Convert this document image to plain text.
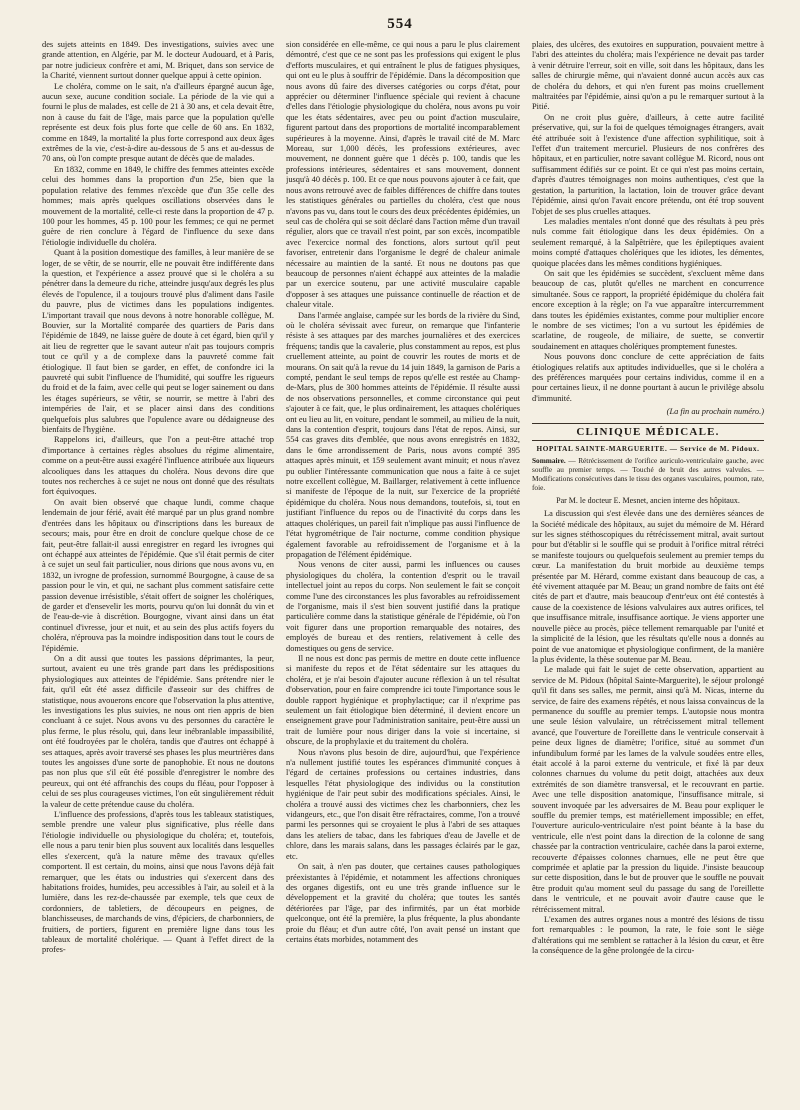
554

des sujets atteints en 1849. Des investigations, suivies avec une grande attention, en Algérie, par M. le docteur Audouard, et à Paris, par notre judicieux confrère et ami, M. Briquet, dans son service de la Charité, viennent surtout donner quelque appui à cette opinion.

Le choléra, comme on le sait, n'a d'ailleurs épargné aucun âge, aucun sexe, aucune condition sociale. La période de la vie qui a fourni le plus de malades, est celle de 21 à 30 ans, et cela devait être, non à cause du fait de l'âge, mais parce que la population qu'elle représente est deux fois plus forte que celle de 60 ans. En 1832, comme en 1849, la mortalité la plus forte correspond aux deux âges extrêmes de la vie, c'est-à-dire au-dessous de 5 ans et au-dessus de 70 ans, où l'on compte presque autant de décès que de malades.

En 1832, comme en 1849, le chiffre des femmes atteintes excède celui des hommes dans la proportion d'un 25e, bien que la population relative des femmes n'excède que d'un 35e celle des hommes; mais après quelques oscillations observées dans le mouvement de la mortalité, celle-ci reste dans la proportion de 47 p. 100 pour les hommes, 45 p. 100 pour les femmes; ce qui ne permet guère de rien conclure à l'égard de l'influence du sexe dans l'étiologie individuelle du choléra.

Quant à la position domestique des familles, à leur manière de se loger, de se vêtir, de se nourrir, elle ne pouvait être indifférente dans la question, et l'expérience a assez prouvé que si le choléra a su pénétrer dans la demeure du riche, atteindre jusqu'aux degrés les plus élevés de l'opulence, il a toujours trouvé plus d'aliment dans l'asile du pauvre, plus de victimes dans les populations indigentes. L'important travail que nous devons à notre honorable collègue, M. Bouvier, sur la Mortalité comparée des quartiers de Paris dans l'épidémie de 1849, ne laisse guère de doute à cet égard, bien qu'il y ait lieu de regretter que le savant auteur n'ait pas toujours compris tout ce qu'il y a de complexe dans la pauvreté comme fait étiologique. Il faut bien se garder, en effet, de confondre ici la pauvreté qui subit l'influence de l'humidité, qui souffre les rigueurs du froid et de la faim, avec celle qui peut se loger sainement ou dans les étages supérieurs, se vêtir, se nourrir, se mettre à l'abri des intempéries de l'air, et se placer ainsi dans des conditions quelquefois plus salubres que l'opulence avare ou dédaigneuse des bienfaits de l'hygiène.

Rappelons ici, d'ailleurs, que l'on a peut-être attaché trop d'importance à certaines règles absolues du régime alimentaire, comme on a peut-être aussi exagéré l'influence attribuée aux liqueurs alcooliques dans les attaques du choléra. Nous devons dire que toutes nos recherches à ce sujet ne nous ont donné que des résultats fort équivoques.

On avait bien observé que chaque lundi, comme chaque lendemain de jour férié, avait été marqué par un plus grand nombre d'entrées dans les hôpitaux ou d'inscriptions dans les bureaux de secours; mais, pour être en droit de conclure quelque chose de ce fait, peut-être fallait-il aussi enregistrer en regard les ivrognes qui ont échappé aux atteintes de l'épidémie. Que s'il était permis de citer à ce sujet un seul fait particulier, nous dirions que nous avons vu, en 1832, un ivrogne de profession, surnommé Bourgogne, à cause de sa passion pour le vin, et qui, ne sachant plus comment satisfaire cette passion devenue irrésistible, s'était offert de soigner les cholériques, de garder et d'ensevelir les morts, pourvu qu'on lui donnât du vin et de l'eau-de-vie à discrétion. Bourgogne, vivant ainsi dans un état continuel d'ivresse, jour et nuit, et au sein des plus actifs foyers du choléra, n'éprouva pas la moindre indisposition dans tout le cours de l'épidémie.

On a dit aussi que toutes les passions déprimantes, la peur, surtout, avaient eu une très grande part dans les prédispositions physiologiques aux atteintes de l'épidémie. Sans prétendre nier le fait, qu'il eût été assez difficile d'asseoir sur des chiffres de statistique, nous avouerons encore que l'observation la plus attentive, les investigations les plus suivies, ne nous ont rien appris de bien concluant à ce sujet. Nous avons vu des personnes du caractère le plus ferme, le plus résolu, qui, dans leur inébranlable impassibilité, ont été foudroyées par le choléra, tandis que d'autres ont échappé à ses attaques, après avoir traversé ses phases les plus meurtrières dans toutes les angoisses d'une sorte de panophobie. Et nous ne doutons pas non plus que s'il eût été possible d'enregistrer le nombre des peureux, qui ont été affranchis des coups du fléau, pour l'opposer à celui de ses plus courageuses victimes, l'on eût singulièrement réduit la valeur de cette prétendue cause du choléra.

L'influence des professions, d'après tous les tableaux statistiques, semble prendre une valeur plus significative, plus réelle dans l'étiologie individuelle ou physiologique du choléra; et, toutefois, elle nous a paru tenir bien plus souvent aux localités dans lesquelles elles s'exercent, qu'à la nature même des travaux qu'elles comportent. Il est certain, du moins, ainsi que nous l'avons déjà fait remarquer, que les états ou industries qui s'exercent dans des habitations froides, humides, peu accessibles à l'air, au soleil et à la lumière, dans les rez-de-chaussée par exemple, tels que ceux de cordonniers, de tabletiers, de découpeurs en peignes, de blanchisseuses, de marchands de vins, d'épiciers, de charbonniers, de fruitiers, de portiers, figurent en première ligne dans tous les tableaux de mortalité cholérique. — Quant à l'effet direct de la profes-

sion considérée en elle-même, ce qui nous a paru le plus clairement démontré, c'est que ce ne sont pas les professions qui exigent le plus d'efforts musculaires, et qui entraînent le plus de fatigues physiques, qui ont eu le plus à souffrir de l'épidémie. Dans la décomposition que nous avons dû faire des diverses catégories ou corps d'état, pour apprécier ou déterminer l'influence spéciale qui revient à chacune d'elles dans l'étiologie physiologique du choléra, nous avons pu voir que les états sédentaires, avec peu ou point d'action musculaire, figurent partout dans des proportions de mortalité incomparablement supérieures à la moyenne. Ainsi, d'après le travail cité de M. Marc Moreau, sur 1,000 décès, les professions extérieures, avec mouvement, ne donnent guère que 1 décès p. 100, tandis que les professions intérieures, sédentaires et sans mouvement, donnent jusqu'à 40 décès p. 100. Et ce que nous pouvons ajouter à ce fait, que nous avons retrouvé avec de faibles différences de chiffre dans toutes les statistiques générales ou partielles du choléra, c'est que nous n'avons pas vu, dans tout le cours des deux précédentes épidémies, un seul cas de choléra qui se soit déclaré dans l'action même d'un travail régulier, alors que ce travail n'est point, par son excès, incompatible avec l'exercice normal des fonctions, alors surtout qu'il peut favoriser, entretenir dans l'organisme le degré de chaleur animale nécessaire au maintien de la santé. Et nous ne doutons pas que beaucoup de personnes n'aient échappé aux atteintes de la maladie par un exercice soutenu, par une activité musculaire capable d'opposer à ses attaques une puissance continuelle de réaction et de chaleur vitale.

Dans l'armée anglaise, campée sur les bords de la rivière du Sind, où le choléra sévissait avec fureur, on remarque que l'infanterie résiste à ses attaques par des marches journalières et des exercices fréquens; tandis que la cavalerie, plus constamment au repos, est plus cruellement atteinte, au point de couvrir les routes de morts et de mourans. On sait qu'à la revue du 14 juin 1849, la garnison de Paris a compté, pendant le seul temps de repos qu'elle est restée au Champ-de-Mars, plus de 300 hommes atteints de l'épidémie. Il résulte aussi de nos observations personnelles, et comme circonstance qui peut s'ajouter à ce fait, que, le plus ordinairement, les attaques cholériques ont eu lieu au lit, en voiture, pendant le sommeil, au milieu de la nuit, dans la contention d'esprit, toujours dans l'état de repos. Ainsi, sur 554 cas graves dits d'emblée, que nous avons enregistrés en 1832, dans le 6me arrondissement de Paris, nous avons compté 395 attaques après minuit, et 159 seulement avant minuit; et nous n'avez pu oublier l'intéressante communication que nous a faite à ce sujet notre excellent collègue, M. Baillarger, relativement à cette influence si manifeste de l'époque de la nuit, sur l'exercice de la propriété épidémique du choléra. Nous nous demandons, toutefois, si, tout en justifiant l'influence du repos ou de l'inactivité du corps dans les attaques cholériques, un pareil fait n'implique pas aussi l'influence de l'état hygrométrique de l'air nocturne, comme condition physique également favorable au refroidissement de l'organisme et à la propagation de l'élément épidémique.

Nous venons de citer aussi, parmi les influences ou causes physiologiques du choléra, la contention d'esprit ou le travail intellectuel joint au repos du corps. Non seulement le fait se conçoit comme l'une des circonstances les plus favorables au refroidissement de l'organisme, mais il s'est bien souvent justifié dans la pratique particulière comme dans la statistique générale de l'épidémie, où l'on voit figurer dans une proportion remarquable des notaires, des employés de bureau et des rentiers, relativement à celle des domestiques ou gens de service.

Il ne nous est donc pas permis de mettre en doute cette influence si manifeste du repos et de l'état sédentaire sur les attaques du choléra, et je n'ai besoin d'ajouter aucune réflexion à un tel résultat d'observation, pour en faire comprendre ici toute l'importance sous le double rapport hygiénique et prophylactique; car il n'exprime pas seulement un fait étiologique bien déterminé, il devient encore un enseignement grave pour l'administration sanitaire, peut-être aussi un trait de lumière pour nous diriger dans la voie si incertaine, si obscure, de la prophylaxie et du traitement du choléra.

Nous n'avons plus besoin de dire, aujourd'hui, que l'expérience n'a nullement justifié toutes les espérances d'immunité conçues à l'égard de certaines professions ou certaines industries, dans lesquelles l'état physiologique des individus ou la constitution hygiénique de l'air peut subir des modifications spéciales. Ainsi, le choléra a trouvé aussi des victimes chez les charbonniers, chez les vidangeurs, etc., que l'on disait être réfractaires, comme, l'on a trouvé parmi les personnes qui se croyaient le plus à l'abri de ses attaques dans les ateliers de tabac, dans les fabriques d'eau de Javelle et de chlore, dans les marais salans, dans les passages éclairés par le gaz, etc.

On sait, à n'en pas douter, que certaines causes pathologiques préexistantes à l'épidémie, et notamment les affections chroniques des organes digestifs, ont eu une très grande influence sur le développement et la gravité du choléra; que toutes les santés détériorées par l'âge, par des infirmités, par un état morbide quelconque, ont été la première, la plus fréquente, la plus abondante proie du fléau; et d'un autre côté, l'on avait pensé un instant que certains états morbides, notamment des

plaies, des ulcères, des exutoires en suppuration, pouvaient mettre à l'abri des atteintes du choléra; mais l'expérience ne devait pas tarder à venir détruire l'erreur, soit en ville, soit dans les hôpitaux, dans les salles de chirurgie même, qui n'avaient donné aucun accès aux cas de choléra du dehors, et qui n'en furent pas moins cruellement maltraitées par l'épidémie, ainsi qu'on a pu le remarquer surtout à la Pitié.

On ne croit plus guère, d'ailleurs, à cette autre facilité préservative, qui, sur la foi de quelques témoignages étrangers, avait été attribuée soit à l'existence d'une affection syphilitique, soit à l'effet d'un traitement mercuriel. Plusieurs de nos confrères des hôpitaux, et en particulier, notre savant collègue M. Ricord, nous ont suffisamment édifiés sur ce point. Et ce qui n'est pas moins certain, d'après d'autres témoignages non moins authentiques, c'est que la gestation, la parturition, la lactation, loin de trouver grâce devant l'épidémie, ainsi qu'on l'avait encore prétendu, ont été trop souvent l'objet de ses plus cruelles attaques.

Les maladies mentales n'ont donné que des résultats à peu près nuls comme fait étiologique dans les deux épidémies. On a seulement remarqué, à la Salpêtrière, que les épileptiques avaient moins compté d'attaques cholériques que les idiotes, les démentes, quoique placées dans les mêmes conditions hygiéniques.

On sait que les épidémies se succèdent, s'excluent même dans beaucoup de cas, plutôt qu'elles ne marchent en concurrence simultanée. Sous ce rapport, la propriété épidémique du choléra fait encore exception à la règle; on l'a vue apparaître intercurremment dans toutes les épidémies existantes, comme pour multiplier encore le nombre de ses victimes; l'on a vu surtout les épidémies de scarlatine, de rougeole, de miliaire, de suette, se convertir soudainement en attaques cholériques promptement funestes.

Nous pouvons donc conclure de cette appréciation de faits étiologiques relatifs aux aptitudes individuelles, que si le choléra a des préférences marquées pour certains individus, comme il en a pour certaines lieux, il ne donne pourtant à aucun le privilège absolu d'immunité.

(La fin au prochain numéro.)
CLINIQUE MÉDICALE.
HOPITAL SAINTE-MARGUERITE. — Service de M. Pidoux.
Sommaire. — Rétrécissement de l'orifice auriculo-ventriculaire gauche, avec souffle au premier temps. — Touché de bruit des autres valvules. — Modifications consécutives dans le tissu des organes vasculaires, poumon, rate, foie.
Par M. le docteur E. Mesnet, ancien interne des hôpitaux.

La discussion qui s'est élevée dans une des dernières séances de la Société médicale des hôpitaux, au sujet du mémoire de M. Hérard sur les signes stéthoscopiques du rétrécissement mitral, avait surtout pour but d'établir si le souffle qui se produit à l'orifice mitral rétréci se manifeste toujours ou quelquefois seulement au premier temps du cœur. La manifestation du bruit morbide au deuxième temps présentée par M. Hérard, comme existant dans beaucoup de cas, a été vivement attaquée par M. Beau; un grand nombre de faits ont été cités de part et d'autre, mais beaucoup d'entr'eux ont été contestés à cause de la coexistence de lésions valvulaires aux autres orifices, tel que insuffisance mitrale, insuffisance aortique. Je viens apporter une nouvelle pièce au procès, pièce tellement remarquable par l'unité et la simplicité de la lésion, que les résultats qu'elle nous a donnés au point de vue anatomique et physiologique confirment, de la manière la plus évidente, la thèse soutenue par M. Beau.

Le malade qui fait le sujet de cette observation, appartient au service de M. Pidoux (hôpital Sainte-Marguerite), le séjour prolongé qu'il fit dans ses salles, me permit, ainsi qu'à M. Nicas, interne du service, de faire des examens répétés, et nous laissa convaincus de la permanence du souffle au premier temps. L'autopsie nous montra une seule lésion valvulaire, un rétrécissement mitral tellement avancé, que l'ouverture de l'oreillette dans le ventricule conservait à peine deux lignes de diamètre; l'orifice, situé au sommet d'un infundibulum formé par les lames de la valvule soudées entre elles, était accolé à la paroi externe du ventricule, et fixé là par deux colonnes charnues du volume du petit doigt, attachées aux deux extrémités de son diamètre transversal, et le recouvrant en partie. Avec une telle disposition anatomique, l'insuffisance mitrale, si souvent invoquée par les adversaires de M. Beau pour expliquer le souffle du premier temps, est matériellement impossible; en effet, l'ouverture auriculo-ventriculaire n'est point béante à la base du ventricule, elle n'est point dans la direction de la colonne de sang chassée par la contraction ventriculaire, cachée dans la paroi externe, recouverte d'épaisses colonnes charnues, elle ne peut être que comprimée et aplatie par la pression du liquide. J'insiste beaucoup sur cette disposition, dans le but de prouver que le souffle ne pouvait être produit qu'au moment seul du passage du sang de l'oreillette dans le ventricule, et ne pouvait avoir d'autre cause que le rétrécissement mitral.

L'examen des autres organes nous a montré des lésions de tissu fort remarquables : le poumon, la rate, le foie sont le siège d'altérations qui me semblent se rattacher à la lésion du cœur, et être la conséquence de la gêne prolongée de la circu-
